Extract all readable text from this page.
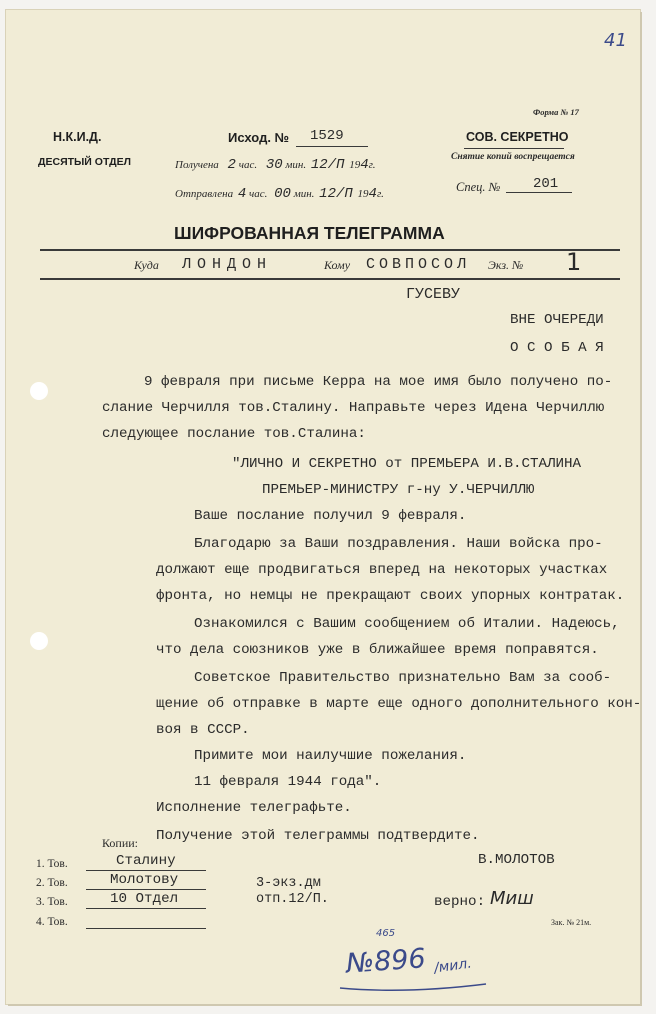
41
Форма № 17
Н.К.И.Д.
ДЕСЯТЫЙ ОТДЕЛ
Исход. № 1529	СОВ. СЕКРЕТНО
Снятие копий воспрещается
Получена 2 час. 30 мин. 12/П 194г.
Отправлена 4 час. 00 мин. 12/П 194г.	Спец. № 201
ШИФРОВАННАЯ ТЕЛЕГРАММА
Куда ЛОНДОН	Кому СОВПОСОЛ Экз. № 1
ГУСЕВУ
ВНЕ ОЧЕРЕДИ
О С О Б А Я
9 февраля при письме Керра на мое имя было получено по-
слание Черчилля тов.Сталину. Направьте через Идена Черчиллю
следующее послание тов.Сталина:
"ЛИЧНО И СЕКРЕТНО от ПРЕМЬЕРА И.В.СТАЛИНА
ПРЕМЬЕР-МИНИСТРУ г-ну У.ЧЕРЧИЛЛЮ
Ваше послание получил 9 февраля.
Благодарю за Ваши поздравления. Наши войска про-
должают еще продвигаться вперед на некоторых участках
фронта, но немцы не прекращают своих упорных контратак.
Ознакомился с Вашим сообщением об Италии. Надеюсь,
что дела союзников уже в ближайшее время поправятся.
Советское Правительство признательно Вам за сооб-
щение об отправке в марте еще одного дополнительного кон-
воя в СССР.
Примите мои наилучшие пожелания.
11 февраля 1944 года".
Исполнение телеграфьте.
Получение этой телеграммы подтвердите.
В.МОЛОТОВ
Копии:
1. Тов.	Сталину
2. Тов.	Молотову
3. Тов.	10 Отдел
4. Тов.
3-экз.дм
отп.12/П.	верно: Миш
Зак. № 21м.
465
№896 /мил.
